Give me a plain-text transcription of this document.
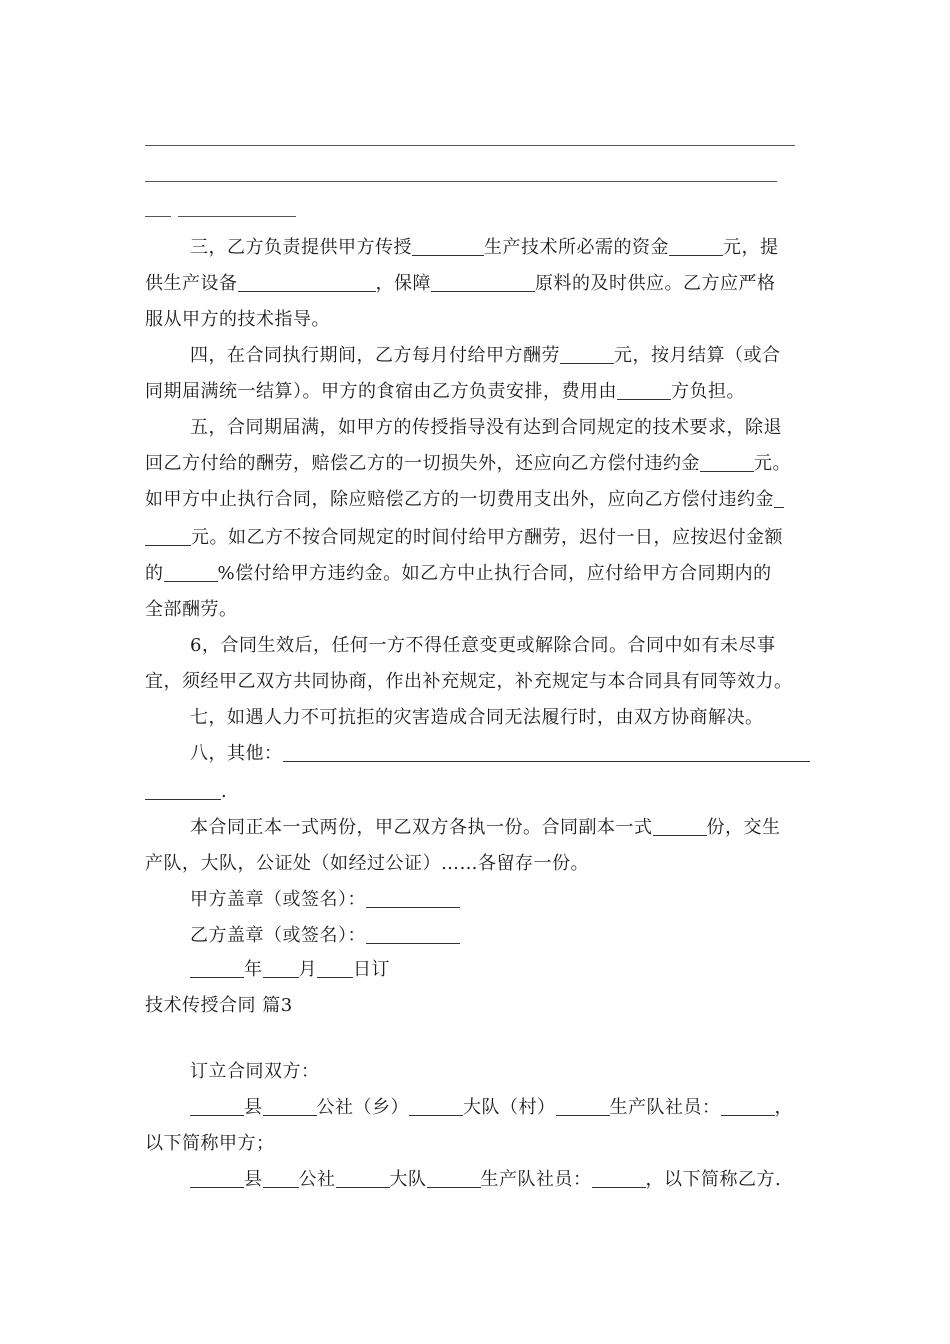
三，乙方负责提供甲方传授	生产技术所必需的资金	元，提
供生产设备	，保障	原料的及时供应。乙方应严格
服从甲方的技术指导。
四，在合同执行期间，乙方每月付给甲方酬劳	元，按月结算（或合
同期届满统一结算）。甲方的食宿由乙方负责安排，费用由	方负担。
五，合同期届满，如甲方的传授指导没有达到合同规定的技术要求，除退
回乙方付给的酬劳，赔偿乙方的一切损失外，还应向乙方偿付违约金	元。
如甲方中止执行合同，除应赔偿乙方的一切费用支出外，应向乙方偿付违约金
元。如乙方不按合同规定的时间付给甲方酬劳，迟付一日，应按迟付金额
的	%偿付给甲方违约金。如乙方中止执行合同，应付给甲方合同期内的
全部酬劳。
6，合同生效后，任何一方不得任意变更或解除合同。合同中如有未尽事
宜，须经甲乙双方共同协商，作出补充规定，补充规定与本合同具有同等效力。
七，如遇人力不可抗拒的灾害造成合同无法履行时，由双方协商解决。
八，其他：
.
本合同正本一式两份，甲乙双方各执一份。合同副本一式	份，交生
产队，大队，公证处（如经过公证）……各留存一份。
甲方盖章（或签名）：
乙方盖章（或签名）：
年 月 日订
技术传授合同 篇3
订立合同双方：
县	公社（乡）	大队（村）	生产队社员：	，
以下简称甲方；
县 公社	大队	生产队社员：	，以下简称乙方.
